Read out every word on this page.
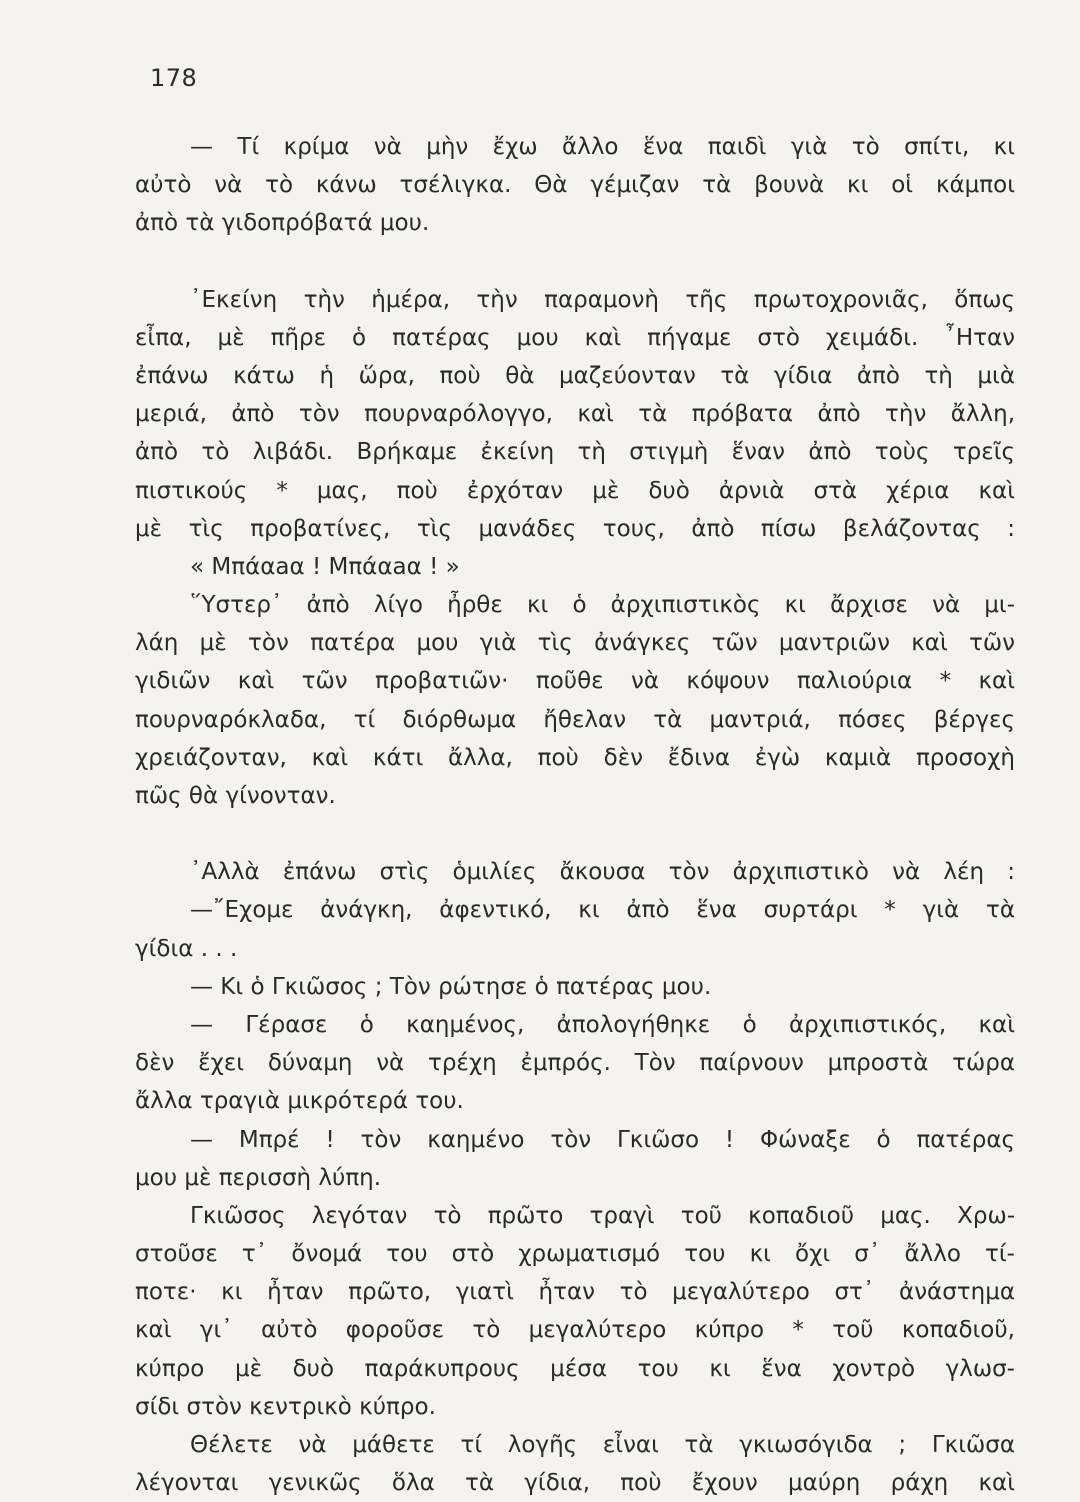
178
— Τί κρίμα νὰ μὴν ἔχω ἄλλο ἕνα παιδὶ γιὰ τὸ σπίτι, κι
αὐτὸ νὰ τὸ κάνω τσέλιγκα. Θὰ γέμιζαν τὰ βουνὰ κι οἱ κάμποι
ἀπὸ τὰ γιδοπρόβατά μου.
᾿Εκείνη τὴν ἡμέρα, τὴν παραμονὴ τῆς πρωτοχρονιᾶς, ὅπως
εἶπα, μὲ πῆρε ὁ πατέρας μου καὶ πήγαμε στὸ χειμάδι. ῏Ηταν
ἐπάνω κάτω ἡ ὥρα, ποὺ θὰ μαζεύονταν τὰ γίδια ἀπὸ τὴ μιὰ
μεριά, ἀπὸ τὸν πουρναρόλογγο, καὶ τὰ πρόβατα ἀπὸ τὴν ἄλλη,
ἀπὸ τὸ λιβάδι. Βρήκαμε ἐκείνη τὴ στιγμὴ ἕναν ἀπὸ τοὺς τρεῖς
πιστικούς * μας, ποὺ ἐρχόταν μὲ δυὸ ἀρνιὰ στὰ χέρια καὶ
μὲ τὶς προβατίνες, τὶς μανάδες τους, ἀπὸ πίσω βελάζοντας :
« Μπάαaα ! Μπάαaα ! »
῞Υστερ᾿ ἀπὸ λίγο ἦρθε κι ὁ ἀρχιπιστικὸς κι ἄρχισε νὰ μι-
λάη μὲ τὸν πατέρα μου γιὰ τὶς ἀνάγκες τῶν μαντριῶν καὶ τῶν
γιδιῶν καὶ τῶν προβατιῶν· ποῦθε νὰ κόψουν παλιούρια * καὶ
πουρναρόκλαδα, τί διόρθωμα ἤθελαν τὰ μαντριά, πόσες βέργες
χρειάζονταν, καὶ κάτι ἄλλα, ποὺ δὲν ἔδινα ἐγὼ καμιὰ προσοχὴ
πῶς θὰ γίνονταν.
᾿Αλλὰ ἐπάνω στὶς ὁμιλίες ἄκουσα τὸν ἀρχιπιστικὸ νὰ λέη :
—῎Εχομε ἀνάγκη, ἀφεντικό, κι ἀπὸ ἕνα συρτάρι * γιὰ τὰ
γίδια . . .
— Κι ὁ Γκιῶσος ; Τὸν ρώτησε ὁ πατέρας μου.
— Γέρασε ὁ καημένος, ἀπολογήθηκε ὁ ἀρχιπιστικός, καὶ
δὲν ἔχει δύναμη νὰ τρέχη ἐμπρός. Τὸν παίρνουν μπροστὰ τώρα
ἄλλα τραγιὰ μικρότερά του.
— Μπρέ ! τὸν καημένο τὸν Γκιῶσο ! Φώναξε ὁ πατέρας
μου μὲ περισσὴ λύπη.
Γκιῶσος λεγόταν τὸ πρῶτο τραγὶ τοῦ κοπαδιοῦ μας. Χρω-
στοῦσε τ᾿ ὄνομά του στὸ χρωματισμό του κι ὄχι σ᾿ ἄλλο τί-
ποτε· κι ἦταν πρῶτο, γιατὶ ἦταν τὸ μεγαλύτερο στ᾿ ἀνάστημα
καὶ γι᾿ αὐτὸ φοροῦσε τὸ μεγαλύτερο κύπρο * τοῦ κοπαδιοῦ,
κύπρο μὲ δυὸ παράκυπρους μέσα του κι ἕνα χοντρὸ γλωσ-
σίδι στὸν κεντρικὸ κύπρο.
Θέλετε νὰ μάθετε τί λογῆς εἶναι τὰ γκιωσόγιδα ; Γκιῶσα
λέγονται γενικῶς ὅλα τὰ γίδια, ποὺ ἔχουν μαύρη ράχη καὶ
